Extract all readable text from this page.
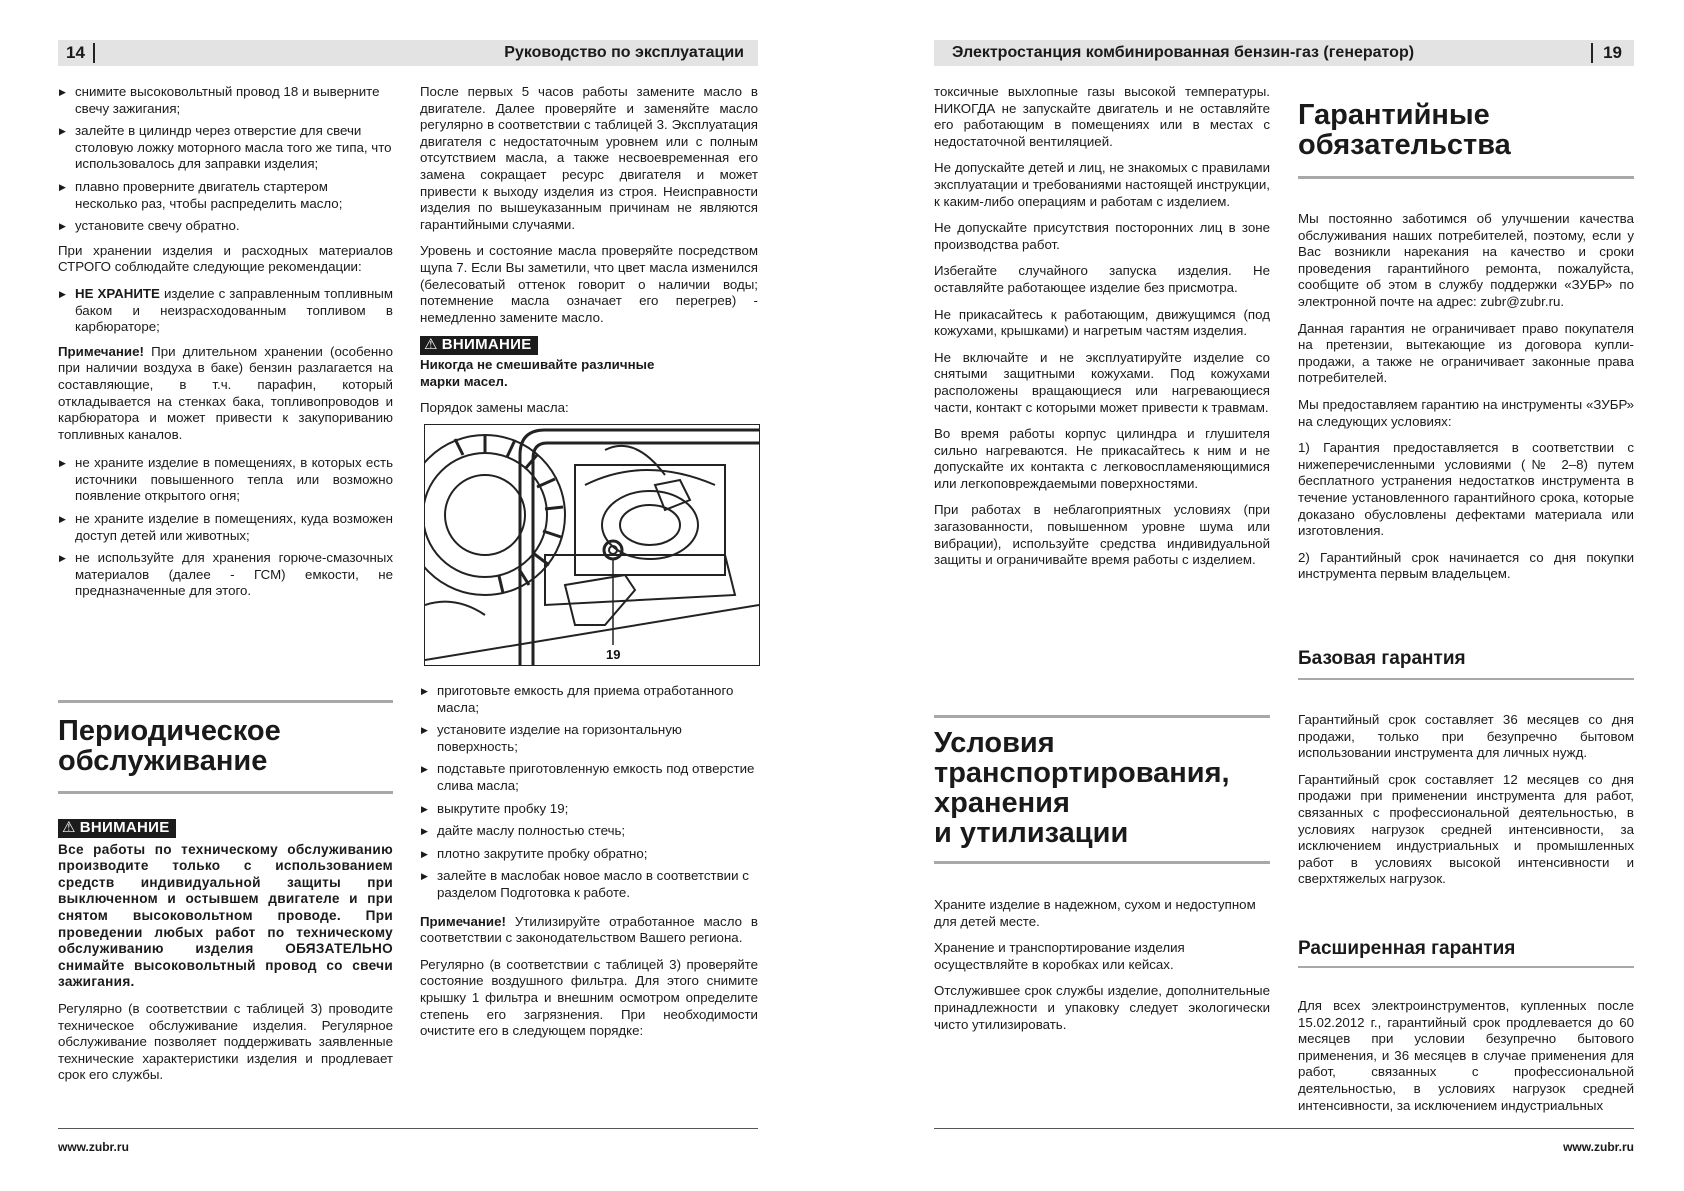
14	Руководство по эксплуатации
▶ снимите высоковольтный провод 18 и выверните свечу зажигания;
▶ залейте в цилиндр через отверстие для свечи столовую ложку моторного масла того же типа, что использовалось для заправки изделия;
▶ плавно проверните двигатель стартером несколько раз, чтобы распределить масло;
▶ установите свечу обратно.

При хранении изделия и расходных материалов СТРОГО соблюдайте следующие рекомендации:

▶ НЕ ХРАНИТЕ изделие с заправленным топливным баком и неизрасходованным топливом в карбюраторе;

Примечание! При длительном хранении (особенно при наличии воздуха в баке) бензин разлагается на составляющие, в т.ч. парафин, который откладывается на стенках бака, топливопроводов и карбюратора и может привести к закупориванию топливных каналов.

▶ не храните изделие в помещениях, в которых есть источники повышенного тепла или возможно появление открытого огня;
▶ не храните изделие в помещениях, куда возможен доступ детей или животных;
▶ не используйте для хранения горюче-смазочных материалов (далее - ГСМ) емкости, не предназначенные для этого.

Периодическое

обслуживание

⚠ ВНИМАНИЕ

Все работы по техническому обслуживанию производите только с использованием средств индивидуальной защиты при выключенном и остывшем двигателе и при снятом высоковольтном проводе. При проведении любых работ по техническому обслуживанию изделия ОБЯЗАТЕЛЬНО снимайте высоковольтный провод со свечи зажигания.

Регулярно (в соответствии с таблицей 3) проводите техническое обслуживание изделия. Регулярное обслуживание позволяет поддерживать заявленные технические характеристики изделия и продлевает срок его службы.

После первых 5 часов работы замените масло в двигателе. Далее проверяйте и заменяйте масло регулярно в соответствии с таблицей 3. Эксплуатация двигателя с недостаточным уровнем или с полным отсутствием масла, а также несвоевременная его замена сокращает ресурс двигателя и может привести к выходу изделия из строя. Неисправности изделия по вышеуказанным причинам не являются гарантийными случаями.

Уровень и состояние масла проверяйте посредством щупа 7. Если Вы заметили, что цвет масла изменился (белесоватый оттенок говорит о наличии воды; потемнение масла означает его перегрев) - немедленно замените масло.

⚠ ВНИМАНИЕ

Никогда не смешивайте различные марки масел.

Порядок замены масла:

19
▶ приготовьте емкость для приема отработанного масла;
▶ установите изделие на горизонтальную поверхность;
▶ подставьте приготовленную емкость под отверстие слива масла;
▶ выкрутите пробку 19;
▶ дайте маслу полностью стечь;
▶ плотно закрутите пробку обратно;
▶ залейте в маслобак новое масло в соответствии с разделом Подготовка к работе.

Примечание! Утилизируйте отработанное масло в соответствии с законодательством Вашего региона.

Регулярно (в соответствии с таблицей 3) проверяйте состояние воздушного фильтра. Для этого снимите крышку 1 фильтра и внешним осмотром определите степень его загрязнения. При необходимости очистите его в следующем порядке:

www.zubr.ru
Электростанция комбинированная бензин-газ (генератор)	19

токсичные выхлопные газы высокой температуры. НИКОГДА не запускайте двигатель и не оставляйте его работающим в помещениях или в местах с недостаточной вентиляцией.

Не допускайте детей и лиц, не знакомых с правилами эксплуатации и требованиями настоящей инструкции, к каким-либо операциям и работам с изделием.

Не допускайте присутствия посторонних лиц в зоне производства работ.

Избегайте случайного запуска изделия. Не оставляйте работающее изделие без присмотра.

Не прикасайтесь к работающим, движущимся (под кожухами, крышками) и нагретым частям изделия.

Не включайте и не эксплуатируйте изделие со снятыми защитными кожухами. Под кожухами расположены вращающиеся или нагревающиеся части, контакт с которыми может привести к травмам.

Во время работы корпус цилиндра и глушителя сильно нагреваются. Не прикасайтесь к ним и не допускайте их контакта с легковоспламеняющимися или легкоповреждаемыми поверхностями.

При работах в неблагоприятных условиях (при загазованности, повышенном уровне шума или вибрации), используйте средства индивидуальной защиты и ограничивайте время работы с изделием.

Условия

транспортирования,

хранения

и утилизации

Храните изделие в надежном, сухом и недоступном для детей месте.

Хранение и транспортирование изделия осуществляйте в коробках или кейсах.

Отслужившее срок службы изделие, дополнительные принадлежности и упаковку следует экологически чисто утилизировать.

Гарантийные

обязательства

Мы постоянно заботимся об улучшении качества обслуживания наших потребителей, поэтому, если у Вас возникли нарекания на качество и сроки проведения гарантийного ремонта, пожалуйста, сообщите об этом в службу поддержки «ЗУБР» по электронной почте на адрес: zubr@zubr.ru.

Данная гарантия не ограничивает право покупателя на претензии, вытекающие из договора купли-продажи, а также не ограничивает законные права потребителей.

Мы предоставляем гарантию на инструменты «ЗУБР» на следующих условиях:

1) Гарантия предоставляется в соответствии с нижеперечисленными условиями (№ 2–8) путем бесплатного устранения недостатков инструмента в течение установленного гарантийного срока, которые доказано обусловлены дефектами материала или изготовления.

2) Гарантийный срок начинается со дня покупки инструмента первым владельцем.

Базовая гарантия

Гарантийный срок составляет 36 месяцев со дня продажи, только при безупречно бытовом использовании инструмента для личных нужд.

Гарантийный срок составляет 12 месяцев со дня продажи при применении инструмента для работ, связанных с профессиональной деятельностью, в условиях нагрузок средней интенсивности, за исключением индустриальных и промышленных работ в условиях высокой интенсивности и сверхтяжелых нагрузок.

Расширенная гарантия

Для всех электроинструментов, купленных после 15.02.2012 г., гарантийный срок продлевается до 60 месяцев при условии безупречно бытового применения, и 36 месяцев в случае применения для работ, связанных с профессиональной деятельностью, в условиях нагрузок средней интенсивности, за исключением индустриальных

www.zubr.ru
